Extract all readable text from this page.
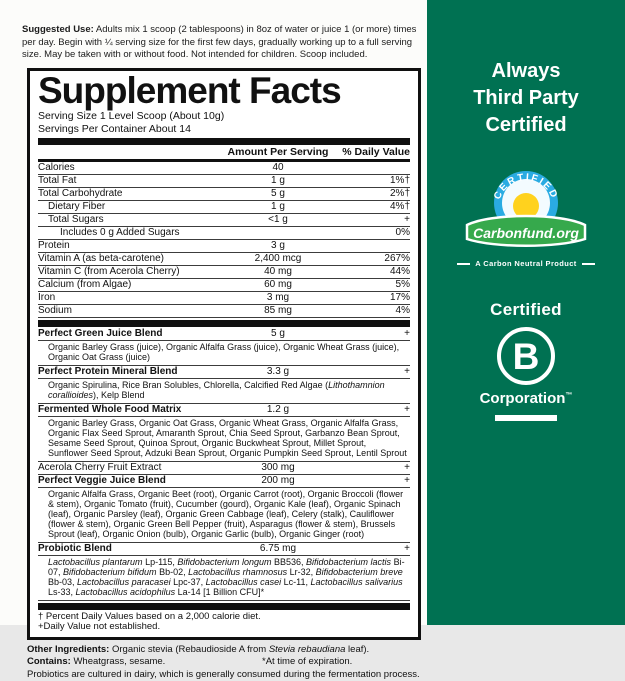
Suggested Use: Adults mix 1 scoop (2 tablespoons) in 8oz of water or juice 1 (or more) times per day. Begin with ¼ serving size for the first few days, gradually working up to a full serving size. May be taken with or without food. Not intended for children. Scoop included.
Supplement Facts
Serving Size 1 Level Scoop (About 10g)
Servings Per Container About 14
Amount Per Serving	% Daily Value
Calories	40
Total Fat	1 g	1%†
Total Carbohydrate	5 g	2%†
Dietary Fiber	1 g	4%†
Total Sugars	<1 g	+
Includes 0 g Added Sugars	0%
Protein	3 g
Vitamin A (as beta-carotene)	2,400 mcg	267%
Vitamin C (from Acerola Cherry)	40 mg	44%
Calcium (from Algae)	60 mg	5%
Iron	3 mg	17%
Sodium	85 mg	4%
Perfect Green Juice Blend	5 g	+
Organic Barley Grass (juice), Organic Alfalfa Grass (juice), Organic Wheat Grass (juice), Organic Oat Grass (juice)
Perfect Protein Mineral Blend	3.3 g	+
Organic Spirulina, Rice Bran Solubles, Chlorella, Calcified Red Algae (Lithothamnion corallioides), Kelp Blend
Fermented Whole Food Matrix	1.2 g	+
Organic Barley Grass, Organic Oat Grass, Organic Wheat Grass, Organic Alfalfa Grass, Organic Flax Seed Sprout, Amaranth Sprout, Chia Seed Sprout, Garbanzo Bean Sprout, Sesame Seed Sprout, Quinoa Sprout, Organic Buckwheat Sprout, Millet Sprout, Sunflower Seed Sprout, Adzuki Bean Sprout, Organic Pumpkin Seed Sprout, Lentil Sprout
Acerola Cherry Fruit Extract	300 mg	+
Perfect Veggie Juice Blend	200 mg	+
Organic Alfalfa Grass, Organic Beet (root), Organic Carrot (root), Organic Broccoli (flower & stem), Organic Tomato (fruit), Cucumber (gourd), Organic Kale (leaf), Organic Spinach (leaf), Organic Parsley (leaf), Organic Green Cabbage (leaf), Celery (stalk), Cauliflower (flower & stem), Organic Green Bell Pepper (fruit), Asparagus (flower & stem), Brussels Sprout (leaf), Organic Onion (bulb), Organic Garlic (bulb), Organic Ginger (root)
Probiotic Blend	6.75 mg	+
Lactobacillus plantarum Lp-115, Bifidobacterium longum BB536, Bifidobacterium lactis Bi-07, Bifidobacterium bifidum Bb-02, Lactobacillus rhamnosus Lr-32, Bifidobacterium breve Bb-03, Lactobacillus paracasei Lpc-37, Lactobacillus casei Lc-11, Lactobacillus salivarius Ls-33, Lactobacillus acidophilus La-14 [1 Billion CFU]*
† Percent Daily Values based on a 2,000 calorie diet.
+Daily Value not established.
Other Ingredients: Organic stevia (Rebaudioside A from Stevia rebaudiana leaf).
Contains: Wheatgrass, sesame.	*At time of expiration.
Probiotics are cultured in dairy, which is generally consumed during the fermentation process.
Always
Third Party
Certified
CERTIFIED
Carbonfund.org
A Carbon Neutral Product
Certified
B
Corporation™
